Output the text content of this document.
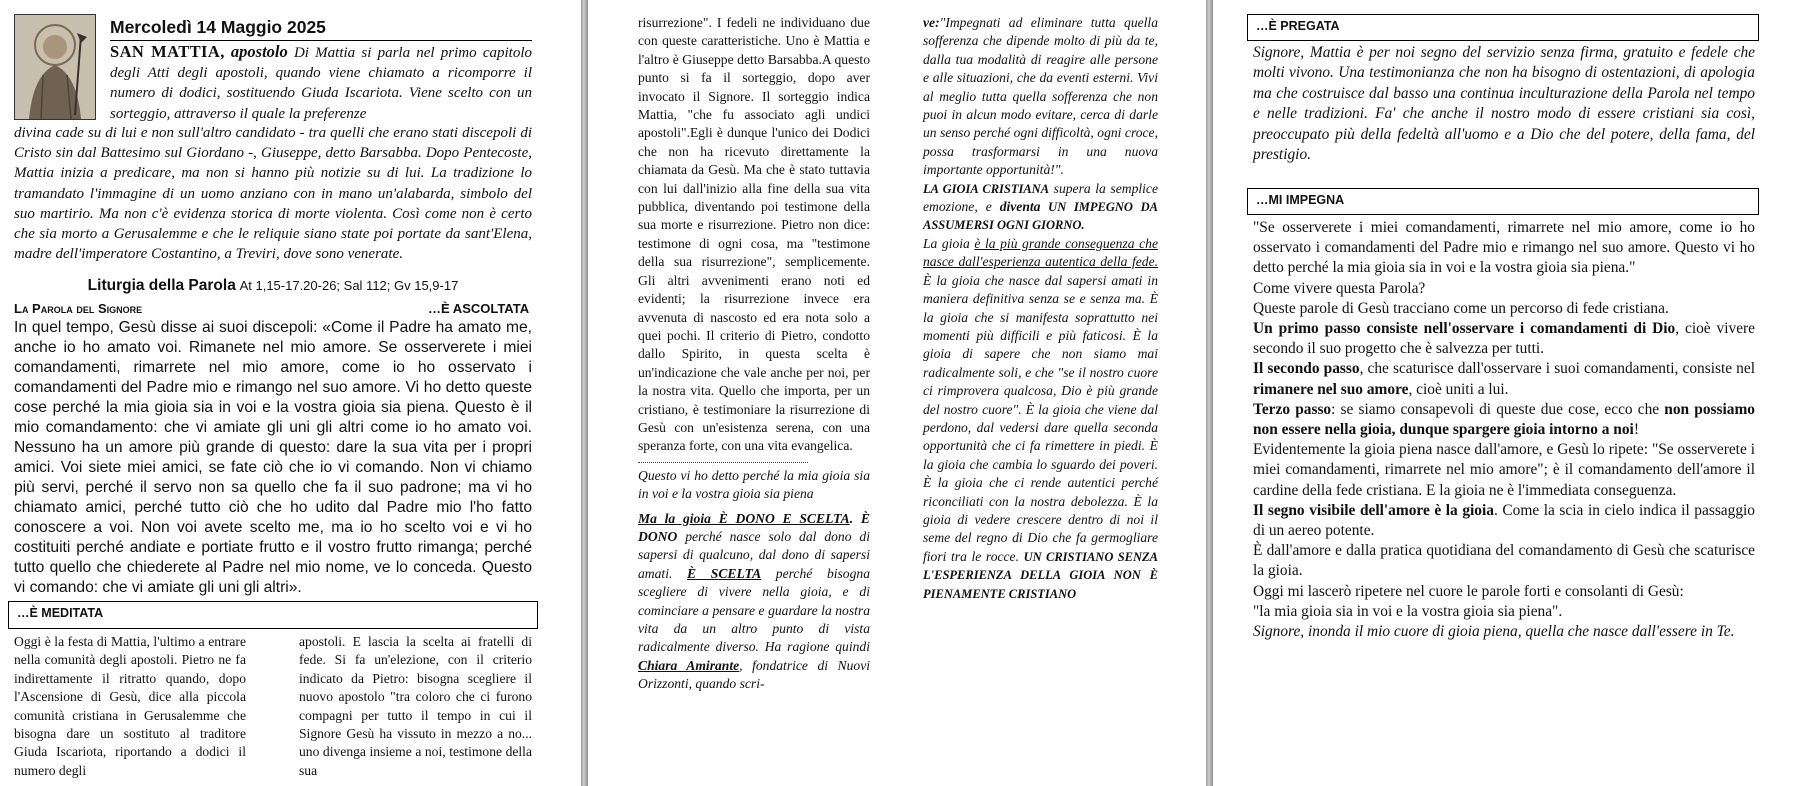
Mercoledì 14 Maggio 2025
SAN MATTIA, apostolo Di Mattia si parla nel primo capitolo degli Atti degli apostoli, quando viene chiamato a ricomporre il numero di dodici, sostituendo Giuda Iscariota. Viene scelto con un sorteggio, attraverso il quale la preferenze
divina cade su di lui e non sull'altro candidato - tra quelli che erano stati discepoli di Cristo sin dal Battesimo sul Giordano -, Giuseppe, detto Barsabba. Dopo Pentecoste, Mattia inizia a predicare, ma non si hanno più notizie su di lui. La tradizione lo tramandato l'immagine di un uomo anziano con in mano un'alabarda, simbolo del suo martirio. Ma non c'è evidenza storica di morte violenta. Così come non è certo che sia morto a Gerusalemme e che le reliquie siano state poi portate da sant'Elena, madre dell'imperatore Costantino, a Treviri, dove sono venerate.
Liturgia della Parola At 1,15-17.20-26; Sal 112; Gv 15,9-17
La Parola del Signore	…È ASCOLTATA
In quel tempo, Gesù disse ai suoi discepoli: «Come il Padre ha amato me, anche io ho amato voi. Rimanete nel mio amore. Se osserverete i miei comandamenti, rimarrete nel mio amore, come io ho osservato i comandamenti del Padre mio e rimango nel suo amore. Vi ho detto queste cose perché la mia gioia sia in voi e la vostra gioia sia piena. Questo è il mio comandamento: che vi amiate gli uni gli altri come io ho amato voi. Nessuno ha un amore più grande di questo: dare la sua vita per i propri amici. Voi siete miei amici, se fate ciò che io vi comando. Non vi chiamo più servi, perché il servo non sa quello che fa il suo padrone; ma vi ho chiamato amici, perché tutto ciò che ho udito dal Padre mio l'ho fatto conoscere a voi. Non voi avete scelto me, ma io ho scelto voi e vi ho costituiti perché andiate e portiate frutto e il vostro frutto rimanga; perché tutto quello che chiederete al Padre nel mio nome, ve lo conceda. Questo vi comando: che vi amiate gli uni gli altri».
…È MEDITATA
Oggi è la festa di Mattia, l'ultimo a entrare nella comunità degli apostoli. Pietro ne fa indirettamente il ritratto quando, dopo l'Ascensione di Gesù, dice alla piccola comunità cristiana in Gerusalemme che bisogna dare un sostituto al traditore Giuda Iscariota, riportando a dodici il numero degli
apostoli. E lascia la scelta ai fratelli di fede. Si fa un'elezione, con il criterio indicato da Pietro: bisogna scegliere il nuovo apostolo "tra coloro che ci furono compagni per tutto il tempo in cui il Signore Gesù ha vissuto in mezzo a no... uno divenga insieme a noi, testimone della sua

risurrezione". I fedeli ne individuano due con queste caratteristiche. Uno è Mattia e l'altro è Giuseppe detto Barsabba.A questo punto si fa il sorteggio, dopo aver invocato il Signore. Il sorteggio indica Mattia, "che fu associato agli undici apostoli".Egli è dunque l'unico dei Dodici che non ha ricevuto direttamente la chiamata da Gesù. Ma che è stato tuttavia con lui dall'inizio alla fine della sua vita pubblica, diventando poi testimone della sua morte e risurrezione. Pietro non dice: testimone di ogni cosa, ma "testimone della sua risurrezione", semplicemente. Gli altri avvenimenti erano noti ed evidenti; la risurrezione invece era avvenuta di nascosto ed era nota solo a quei pochi. Il criterio di Pietro, condotto dallo Spirito, in questa scelta è un'indicazione che vale anche per noi, per la nostra vita. Quello che importa, per un cristiano, è testimoniare la risurrezione di Gesù con un'esistenza serena, con una speranza forte, con una vita evangelica.

Questo vi ho detto perché la mia gioia sia in voi e la vostra gioia sia piena

Ma la gioia È DONO E SCELTA. È DONO perché nasce solo dal dono di sapersi di qualcuno, dal dono di sapersi amati. È SCELTA perché bisogna scegliere di vivere nella gioia, e di cominciare a pensare e guardare la nostra vita da un altro punto di vista radicalmente diverso. Ha ragione quindi Chiara Amirante, fondatrice di Nuovi Orizzonti, quando scri-

ve:"Impegnati ad eliminare tutta quella sofferenza che dipende molto di più da te, dalla tua modalità di reagire alle persone e alle situazioni, che da eventi esterni. Vivi al meglio tutta quella sofferenza che non puoi in alcun modo evitare, cerca di darle un senso perché ogni difficoltà, ogni croce, possa trasformarsi in una nuova importante opportunità!".

LA GIOIA CRISTIANA supera la semplice emozione, e diventa UN IMPEGNO DA ASSUMERSI OGNI GIORNO.

La gioia è la più grande conseguenza che nasce dall'esperienza autentica della fede. È la gioia che nasce dal sapersi amati in maniera definitiva senza se e senza ma. È la gioia che si manifesta soprattutto nei momenti più difficili e più faticosi. È la gioia di sapere che non siamo mai radicalmente soli, e che "se il nostro cuore ci rimprovera qualcosa, Dio è più grande del nostro cuore". È la gioia che viene dal perdono, dal vedersi dare quella seconda opportunità che ci fa rimettere in piedi. È la gioia che cambia lo sguardo dei poveri. È la gioia che ci rende autentici perché riconciliati con la nostra debolezza. È la gioia di vedere crescere dentro di noi il seme del regno di Dio che fa germogliare fiori tra le rocce. UN CRISTIANO SENZA L'ESPERIENZA DELLA GIOIA NON È PIENAMENTE CRISTIANO

…È PREGATA
Signore, Mattia è per noi segno del servizio senza firma, gratuito e fedele che molti vivono. Una testimonianza che non ha bisogno di ostentazioni, di apologia ma che costruisce dal basso una continua inculturazione della Parola nel tempo e nelle tradizioni. Fa' che anche il nostro modo di essere cristiani sia così, preoccupato più della fedeltà all'uomo e a Dio che del potere, della fama, del prestigio.
…MI IMPEGNA

"Se osserverete i miei comandamenti, rimarrete nel mio amore, come io ho osservato i comandamenti del Padre mio e rimango nel suo amore. Questo vi ho detto perché la mia gioia sia in voi e la vostra gioia sia piena."

Come vivere questa Parola?

Queste parole di Gesù tracciano come un percorso di fede cristiana.

Un primo passo consiste nell'osservare i comandamenti di Dio, cioè vivere secondo il suo progetto che è salvezza per tutti.

Il secondo passo, che scaturisce dall'osservare i suoi comandamenti, consiste nel rimanere nel suo amore, cioè uniti a lui.

Terzo passo: se siamo consapevoli di queste due cose, ecco che non possiamo non essere nella gioia, dunque spargere gioia intorno a noi!

Evidentemente la gioia piena nasce dall'amore, e Gesù lo ripete: "Se osserverete i miei comandamenti, rimarrete nel mio amore"; è il comandamento dell'amore il cardine della fede cristiana. E la gioia ne è l'immediata conseguenza.

Il segno visibile dell'amore è la gioia. Come la scia in cielo indica il passaggio di un aereo potente.

È dall'amore e dalla pratica quotidiana del comandamento di Gesù che scaturisce la gioia.

Oggi mi lascerò ripetere nel cuore le parole forti e consolanti di Gesù:

"la mia gioia sia in voi e la vostra gioia sia piena".

Signore, inonda il mio cuore di gioia piena, quella che nasce dall'essere in Te.
